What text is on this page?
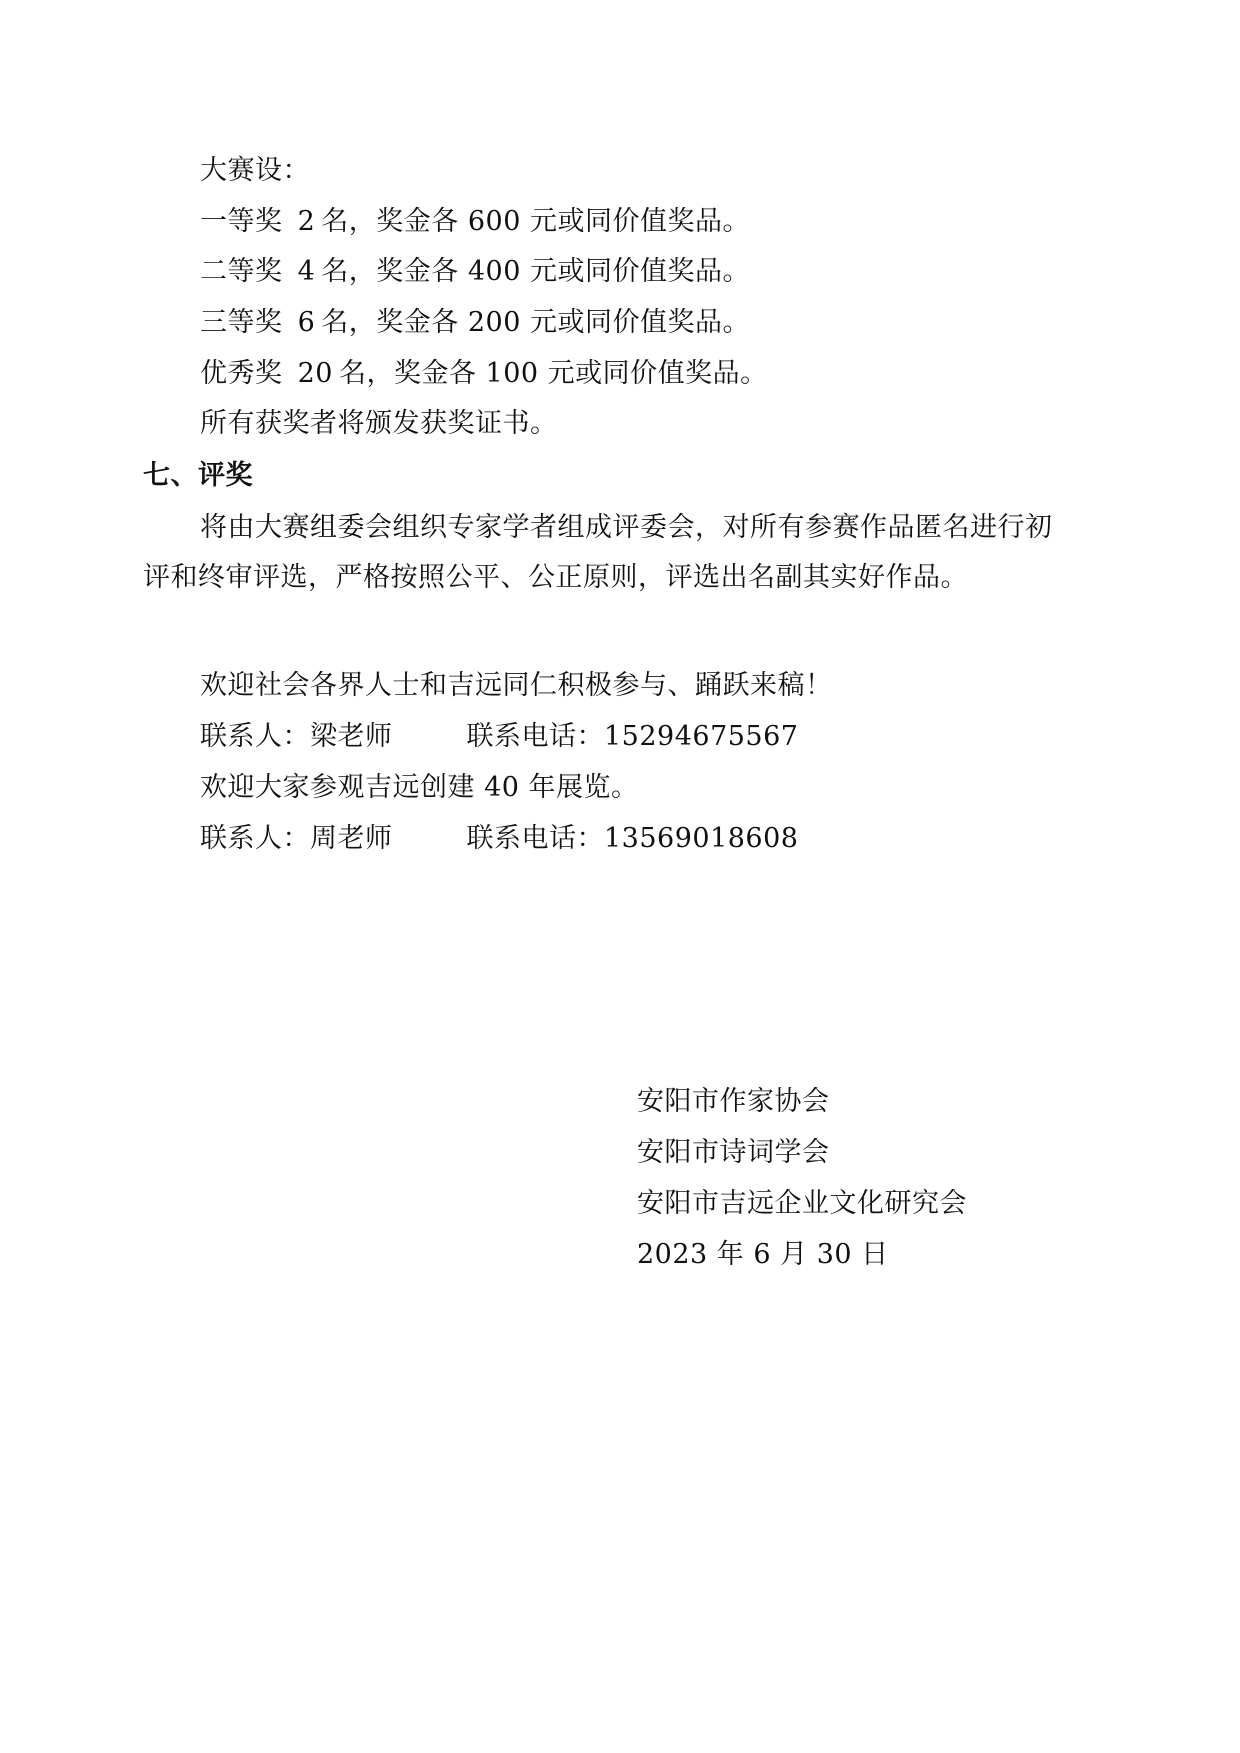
大赛设：
一等奖 2 名，奖金各 600 元或同价值奖品。
二等奖 4 名，奖金各 400 元或同价值奖品。
三等奖 6 名，奖金各 200 元或同价值奖品。
优秀奖 20 名，奖金各 100 元或同价值奖品。
所有获奖者将颁发获奖证书。
七、评奖
将由大赛组委会组织专家学者组成评委会，对所有参赛作品匿名进行初
评和终审评选，严格按照公平、公正原则，评选出名副其实好作品。
欢迎社会各界人士和吉远同仁积极参与、踊跃来稿！
联系人：梁老师	联系电话：15294675567
欢迎大家参观吉远创建 40 年展览。
联系人：周老师	联系电话：13569018608
安阳市作家协会
安阳市诗词学会
安阳市吉远企业文化研究会
2023 年 6 月 30 日
